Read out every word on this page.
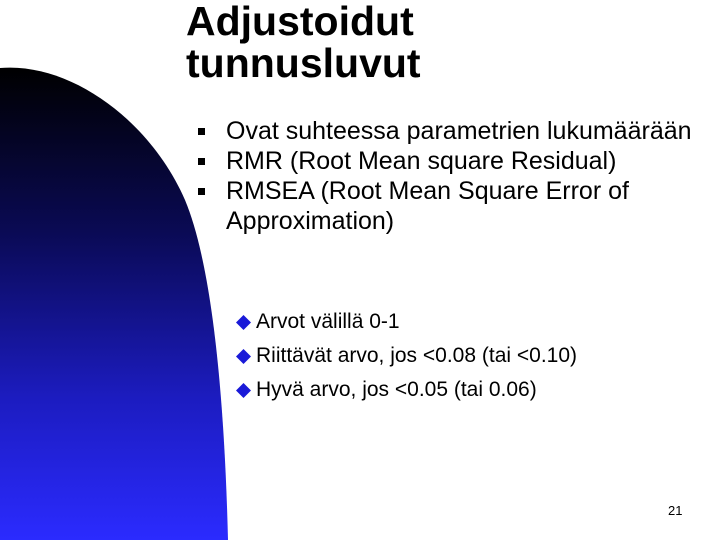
Adjustoidut
tunnusluvut
Ovat suhteessa parametrien lukumäärään
RMR (Root Mean square Residual)
RMSEA (Root Mean Square Error of Approximation)
Arvot välillä 0-1
Riittävät arvo, jos <0.08 (tai <0.10)
Hyvä arvo, jos <0.05 (tai 0.06)
21
